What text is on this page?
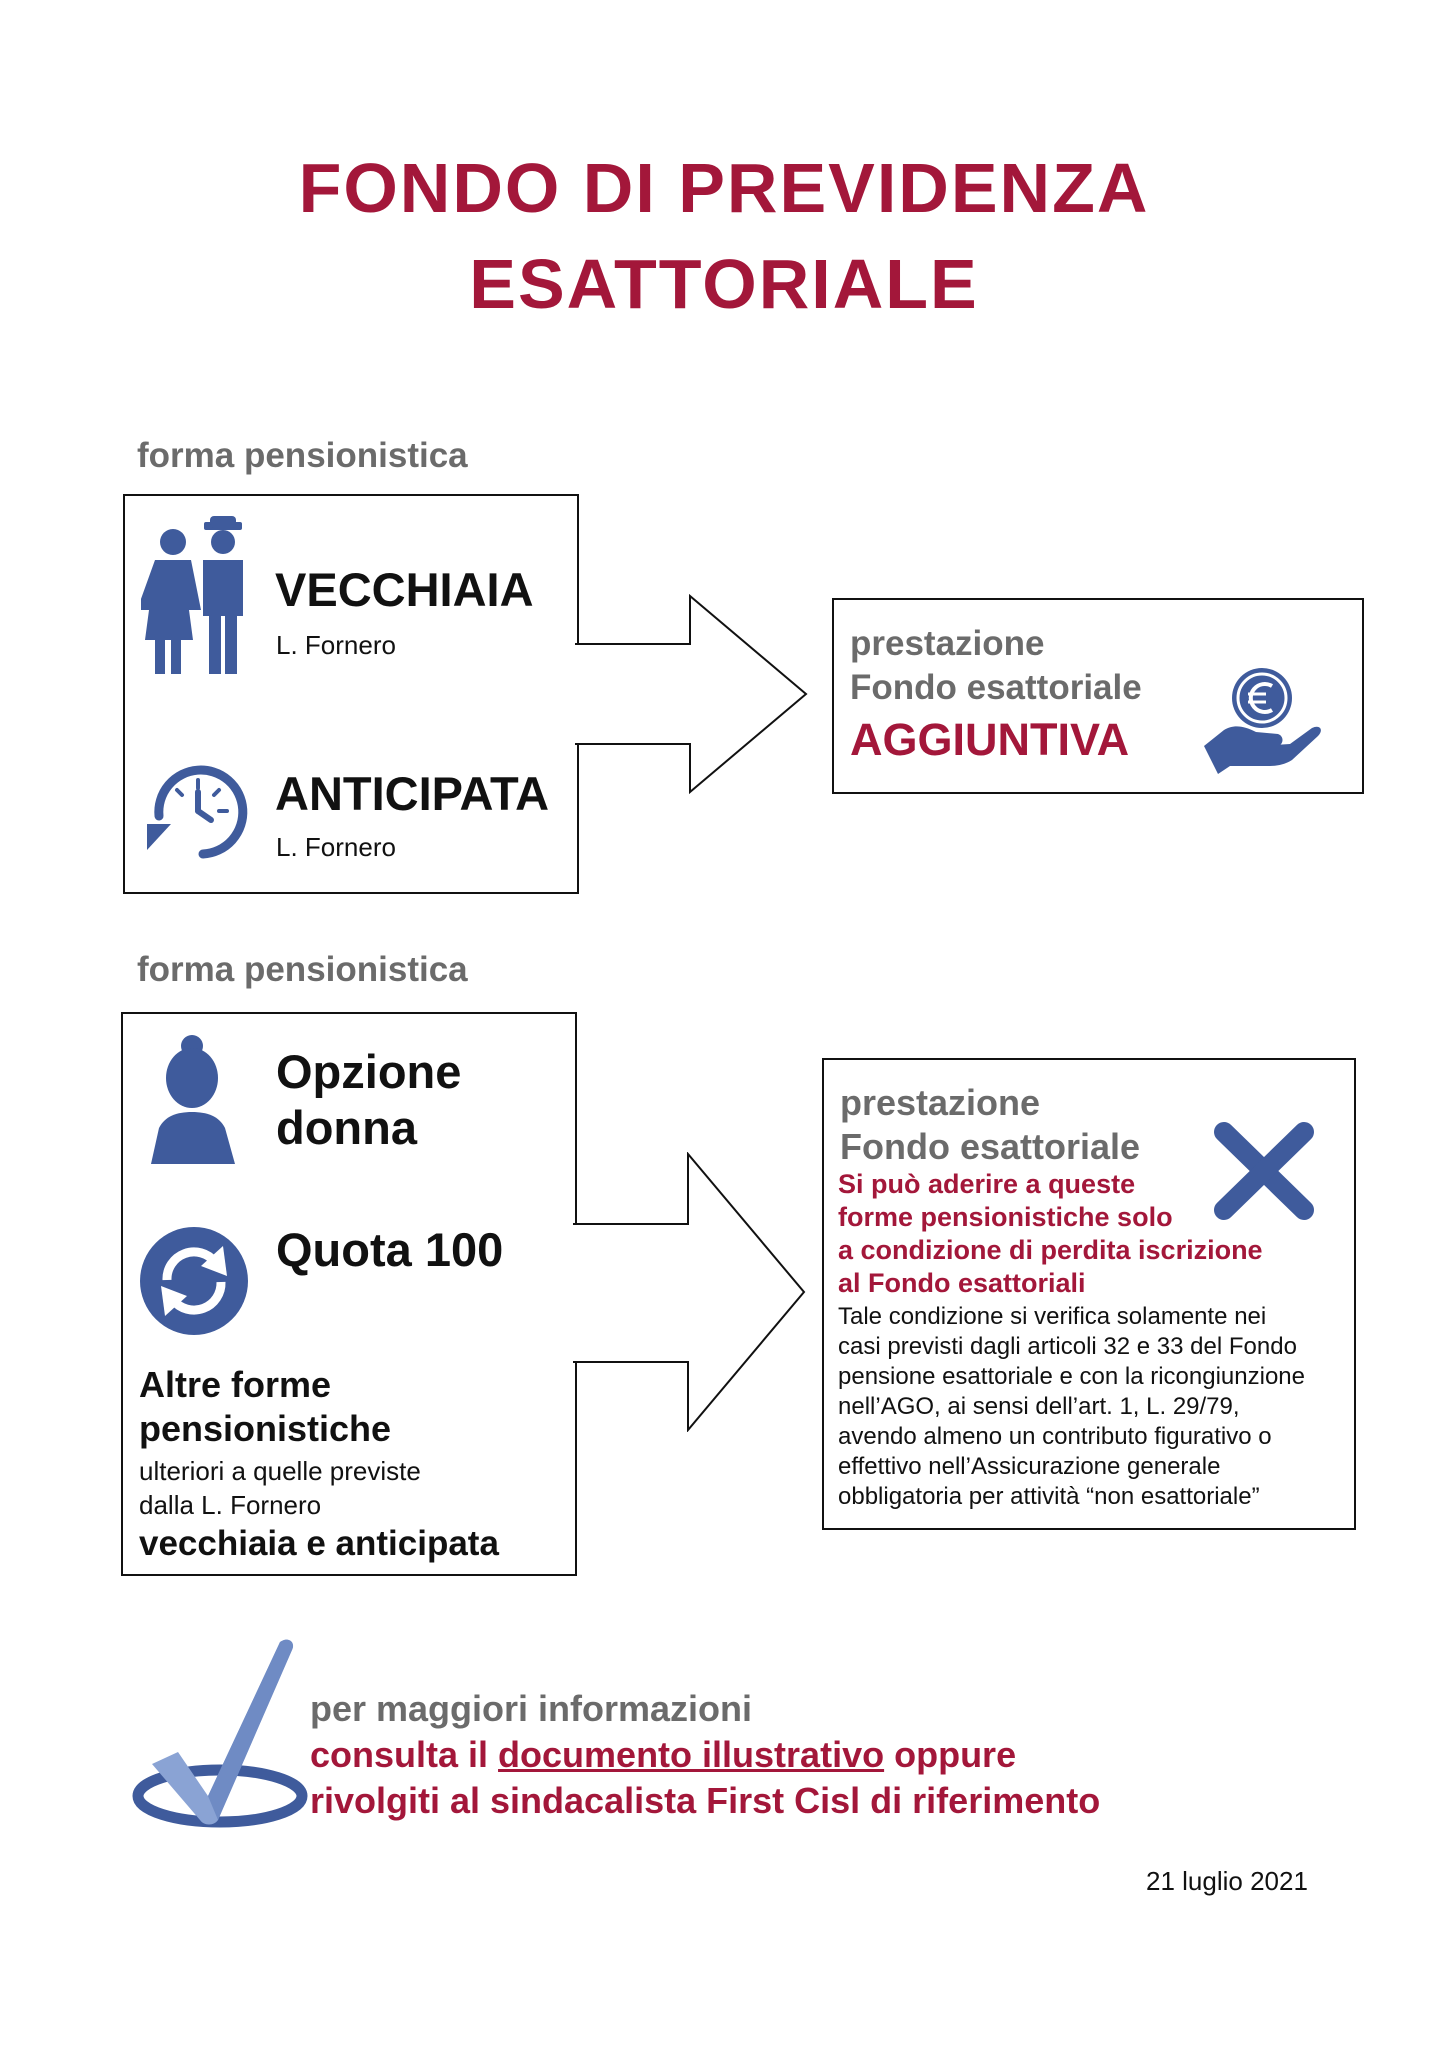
FONDO DI PREVIDENZA
ESATTORIALE
forma pensionistica
VECCHIAIA
L. Fornero
ANTICIPATA
L. Fornero
prestazione
Fondo esattoriale
AGGIUNTIVA
forma pensionistica
Opzione
donna
Quota 100
Altre forme
pensionistiche
ulteriori a quelle previste
dalla L. Fornero
vecchiaia e anticipata
prestazione
Fondo esattoriale
Si può aderire a queste
forme pensionistiche solo
a condizione di perdita iscrizione
al Fondo esattoriali
Tale condizione si verifica solamente nei
casi previsti dagli articoli 32 e 33 del Fondo
pensione esattoriale e con la ricongiunzione
nell’AGO, ai sensi dell’art. 1, L. 29/79,
avendo almeno un contributo figurativo o
effettivo nell’Assicurazione generale
obbligatoria per attività “non esattoriale”
per maggiori informazioni
consulta il documento illustrativo oppure
rivolgiti al sindacalista First Cisl di riferimento
21 luglio 2021
